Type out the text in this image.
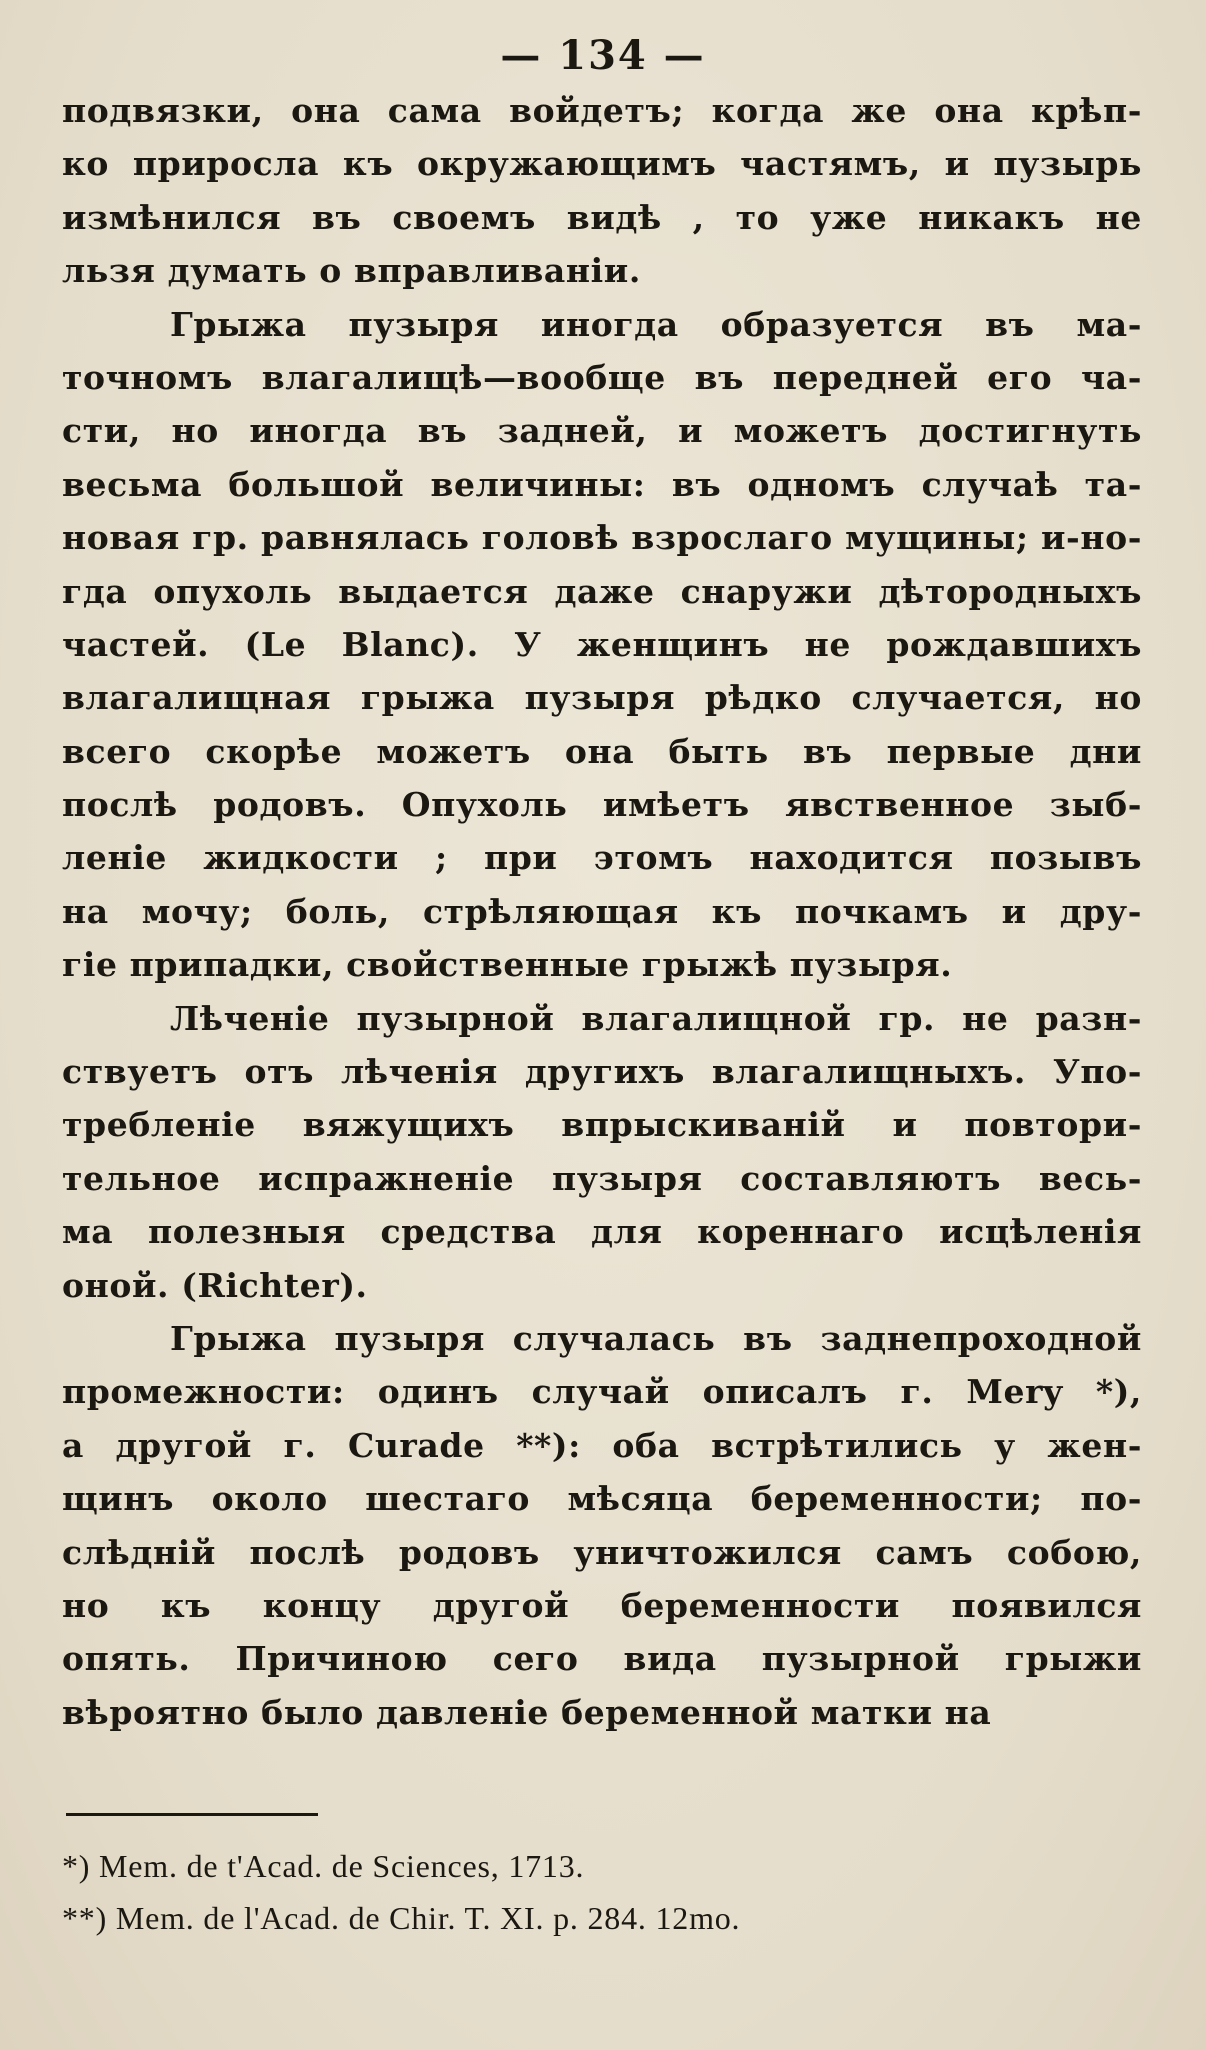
— 134 —
подвязки, она сама войдетъ; когда же она крѣп-
ко приросла къ окружающимъ частямъ, и пузырь
измѣнился въ своемъ видѣ , то уже никакъ не
льзя думать о вправливанiи.
Грыжа пузыря иногда образуется въ ма-
точномъ влагалищѣ—вообще въ передней его ча-
сти, но иногда въ задней, и можетъ достигнуть
весьма большой величины: въ одномъ случаѣ та-
новая гр. равнялась головѣ взрослаго мущины; и-но-
гда опухоль выдается даже снаружи дѣтородныхъ
частей. (Le Blanc). У женщинъ не рождавшихъ
влагалищная грыжа пузыря рѣдко случается, но
всего скорѣе можетъ она быть въ первые дни
послѣ родовъ. Опухоль имѣетъ явственное зыб-
ленiе жидкости ; при этомъ находится позывъ
на мочу; боль, стрѣляющая къ почкамъ и дру-
гiе припадки, свойственные грыжѣ пузыря.
Лѣченiе пузырной влагалищной гр. не разн-
ствуетъ отъ лѣченiя другихъ влагалищныхъ. Упо-
требленiе вяжущихъ впрыскиванiй и повтори-
тельное испражненiе пузыря составляютъ весь-
ма полезныя средства для кореннаго исцѣленiя
оной. (Richter).
Грыжа пузыря случалась въ заднепроходной
промежности: одинъ случай описалъ г. Mery *),
а другой г. Curade **): оба встрѣтились у жен-
щинъ около шестаго мѣсяца беременности; по-
слѣднiй послѣ родовъ уничтожился самъ собою,
но къ концу другой беременности появился
опять. Причиною сего вида пузырной грыжи
вѣроятно было давленiе беременной матки на
*) Mem. de t'Acad. de Sciences, 1713.
**) Mem. de l'Acad. de Chir. T. XI. p. 284. 12mo.
